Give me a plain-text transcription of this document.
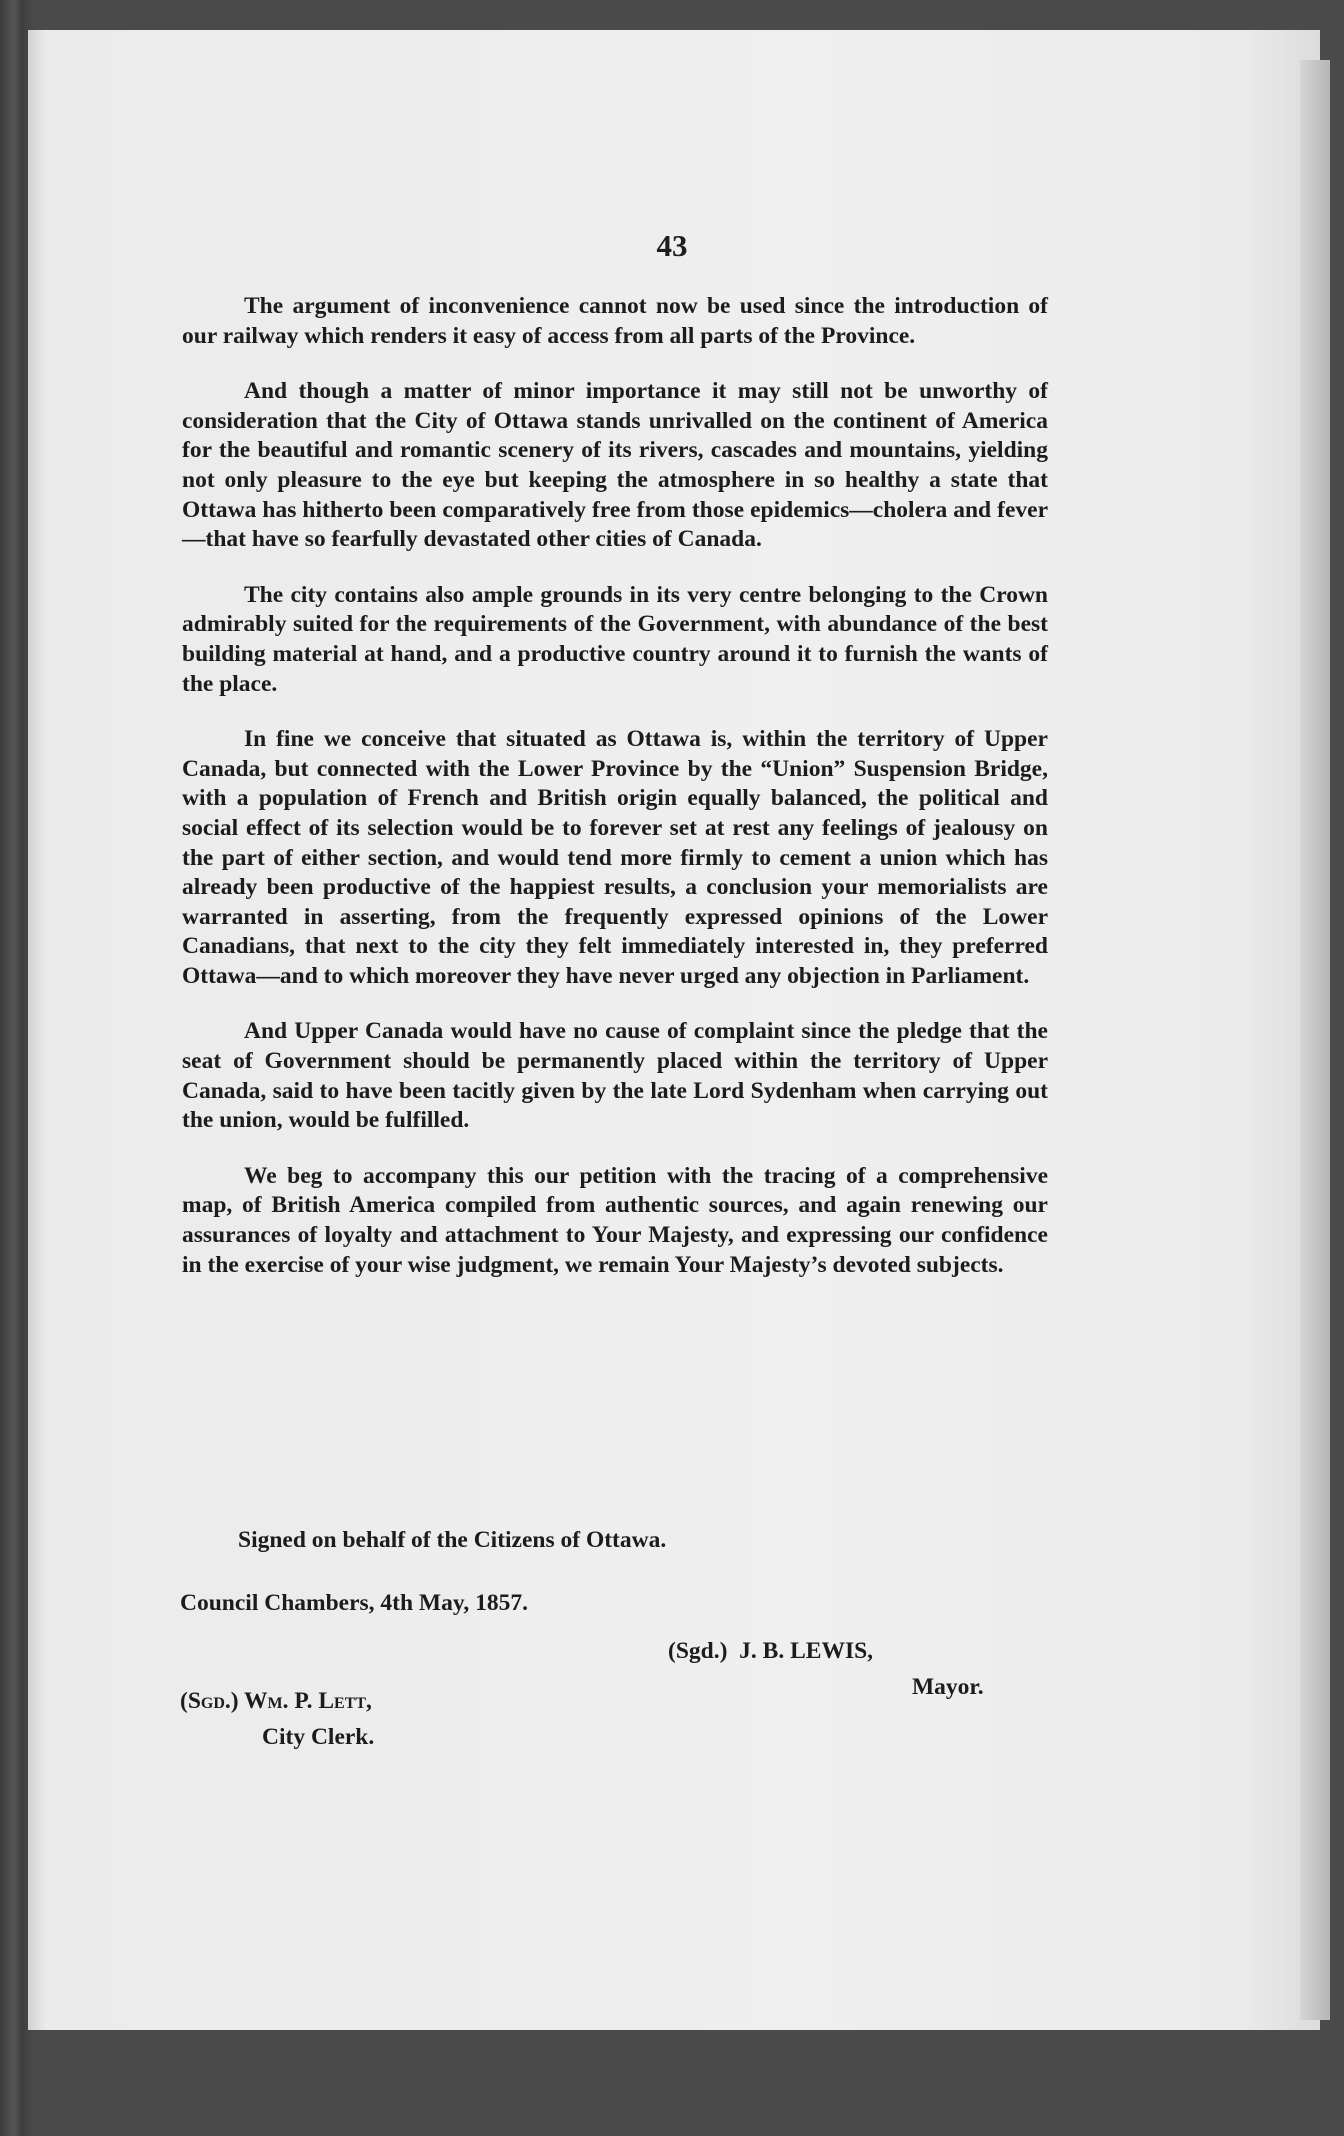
43

The argument of inconvenience cannot now be used since the introduction of our railway which renders it easy of access from all parts of the Province.

And though a matter of minor importance it may still not be unworthy of consideration that the City of Ottawa stands unrivalled on the continent of America for the beautiful and romantic scenery of its rivers, cascades and mountains, yielding not only pleasure to the eye but keeping the atmosphere in so healthy a state that Ottawa has hitherto been comparatively free from those epidemics—cholera and fever—that have so fearfully devastated other cities of Canada.

The city contains also ample grounds in its very centre belonging to the Crown admirably suited for the requirements of the Government, with abundance of the best building material at hand, and a productive country around it to furnish the wants of the place.

In fine we conceive that situated as Ottawa is, within the territory of Upper Canada, but connected with the Lower Province by the “Union” Suspension Bridge, with a population of French and British origin equally balanced, the political and social effect of its selection would be to forever set at rest any feelings of jealousy on the part of either section, and would tend more firmly to cement a union which has already been productive of the happiest results, a conclusion your memorialists are warranted in asserting, from the frequently expressed opinions of the Lower Canadians, that next to the city they felt immediately interested in, they preferred Ottawa—and to which moreover they have never urged any objection in Parliament.

And Upper Canada would have no cause of complaint since the pledge that the seat of Government should be permanently placed within the territory of Upper Canada, said to have been tacitly given by the late Lord Sydenham when carrying out the union, would be fulfilled.

We beg to accompany this our petition with the tracing of a comprehensive map, of British America compiled from authentic sources, and again renewing our assurances of loyalty and attachment to Your Majesty, and expressing our confidence in the exercise of your wise judgment, we remain Your Majesty’s devoted subjects.

Signed on behalf of the Citizens of Ottawa.
Council Chambers, 4th May, 1857.
(Sgd.)  J. B. LEWIS,
Mayor.
(Sgd.) Wm. P. Lett,
City Clerk.
